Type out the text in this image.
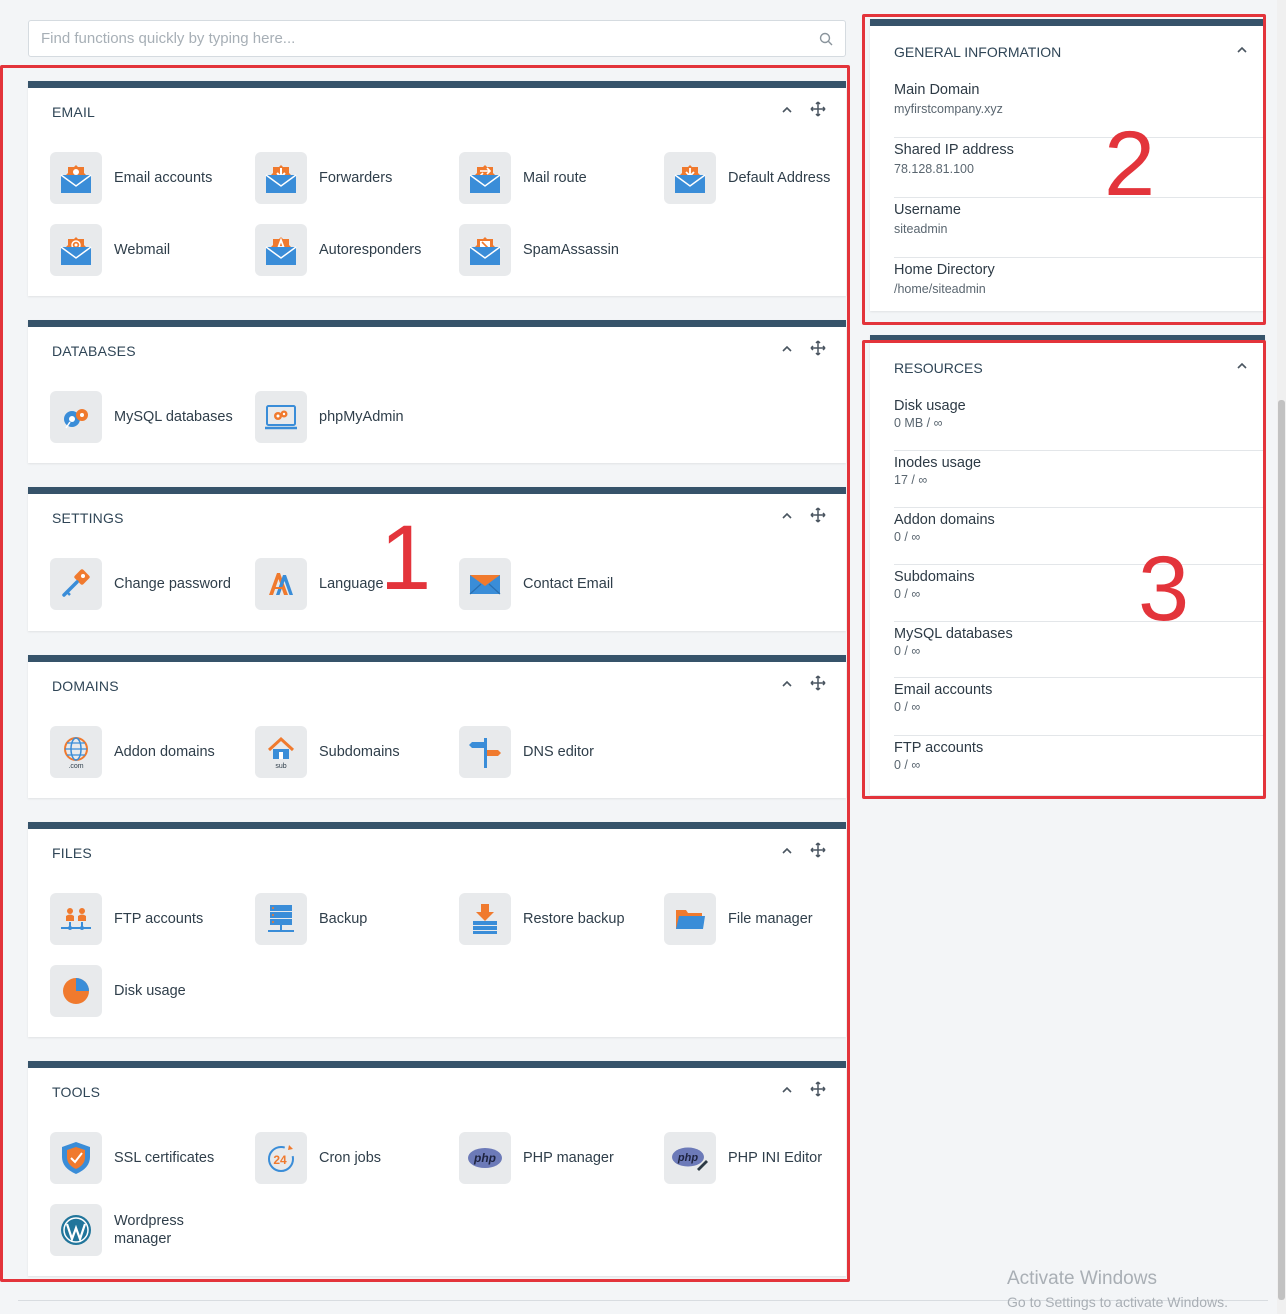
Find functions quickly by typing here...
EMAIL
Email accounts	Forwarders	Mail route	Default Address
Webmail	Autoresponders	SpamAssassin
DATABASES
MySQL databases	phpMyAdmin
SETTINGS
Change password	Language	Contact Email
DOMAINS
.com
Addon domains
sub
Subdomains	DNS editor
FILES
FTP accounts	Backup	Restore backup	File manager
Disk usage
TOOLS
SSL certificates	24 Cron jobs	php PHP manager	php PHP INI Editor
Wordpress manager
GENERAL INFORMATION
Main Domain
myfirstcompany.xyz
Shared IP address
78.128.81.100
Username
siteadmin
Home Directory
/home/siteadmin
RESOURCES
Disk usage
0 MB / ∞
Inodes usage
17 / ∞
Addon domains
0 / ∞
Subdomains
0 / ∞
MySQL databases
0 / ∞
Email accounts
0 / ∞
FTP accounts
0 / ∞
1
2
3
Activate Windows
Go to Settings to activate Windows.
